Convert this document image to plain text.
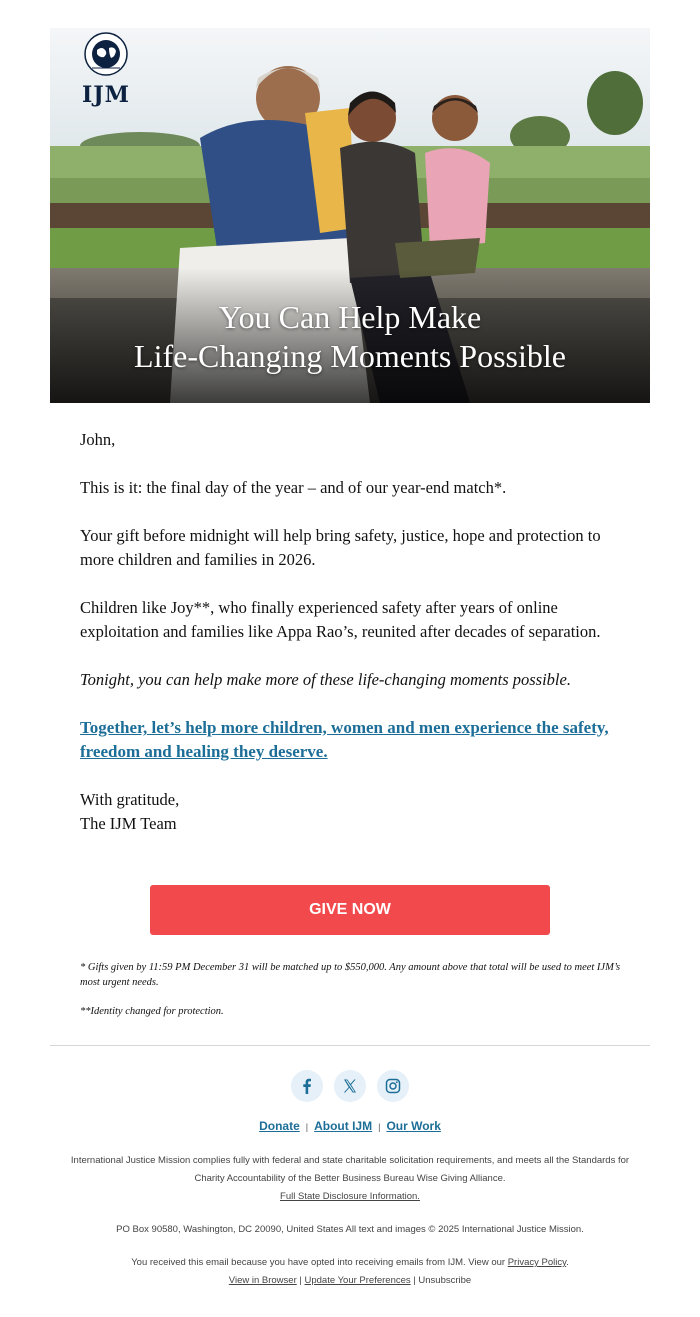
IJM
You Can Help Make
Life-Changing Moments Possible

John,

This is it: the final day of the year – and of our year-end match*.

Your gift before midnight will help bring safety, justice, hope and protection to more children and families in 2026.

Children like Joy**, who finally experienced safety after years of online exploitation and families like Appa Rao’s, reunited after decades of separation.

Tonight, you can help make more of these life-changing moments possible.

Together, let’s help more children, women and men experience the safety, freedom and healing they deserve.

With gratitude,
The IJM Team

GIVE NOW

* Gifts given by 11:59 PM December 31 will be matched up to $550,000. Any amount above that total will be used to meet IJM’s most urgent needs.

**Identity changed for protection.

Donate | About IJM | Our Work
International Justice Mission complies fully with federal and state charitable solicitation requirements, and meets all the Standards for Charity Accountability of the Better Business Bureau Wise Giving Alliance.
Full State Disclosure Information.
PO Box 90580, Washington, DC 20090, United States All text and images © 2025 International Justice Mission.
You received this email because you have opted into receiving emails from IJM. View our Privacy Policy.
View in Browser | Update Your Preferences | Unsubscribe
